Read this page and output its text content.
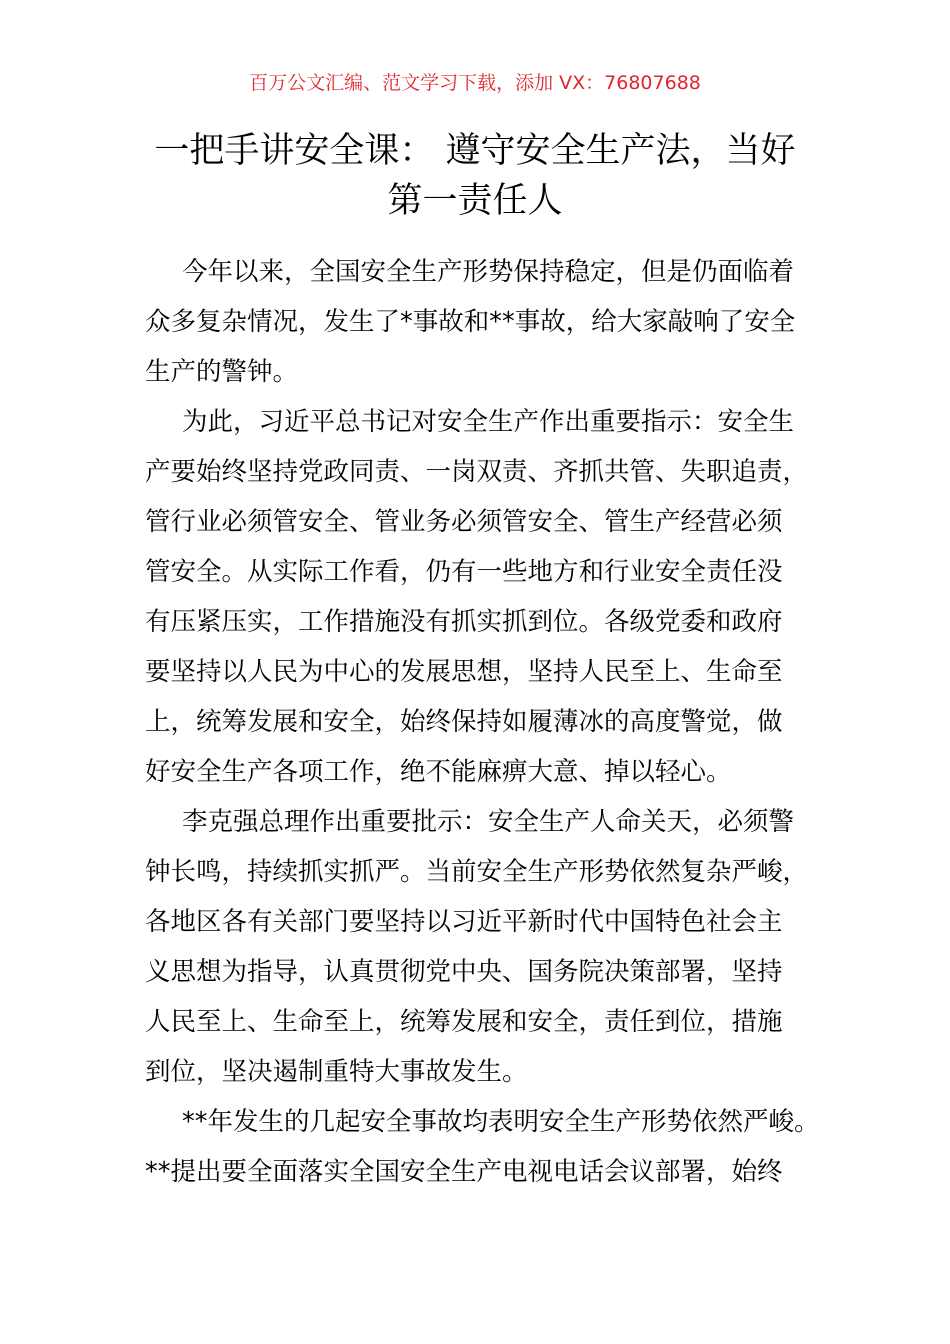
百万公文汇编、范文学习下载，添加 VX：76807688
一把手讲安全课： 遵守安全生产法，当好
第一责任人
今年以来，全国安全生产形势保持稳定，但是仍面临着
众多复杂情况，发生了*事故和**事故，给大家敲响了安全
生产的警钟。
为此，习近平总书记对安全生产作出重要指示：安全生
产要始终坚持党政同责、一岗双责、齐抓共管、失职追责，
管行业必须管安全、管业务必须管安全、管生产经营必须
管安全。从实际工作看，仍有一些地方和行业安全责任没
有压紧压实，工作措施没有抓实抓到位。各级党委和政府
要坚持以人民为中心的发展思想，坚持人民至上、生命至
上，统筹发展和安全，始终保持如履薄冰的高度警觉，做
好安全生产各项工作，绝不能麻痹大意、掉以轻心。
李克强总理作出重要批示：安全生产人命关天，必须警
钟长鸣，持续抓实抓严。当前安全生产形势依然复杂严峻，
各地区各有关部门要坚持以习近平新时代中国特色社会主
义思想为指导，认真贯彻党中央、国务院决策部署，坚持
人民至上、生命至上，统筹发展和安全，责任到位，措施
到位，坚决遏制重特大事故发生。
**年发生的几起安全事故均表明安全生产形势依然严峻。
**提出要全面落实全国安全生产电视电话会议部署，始终
